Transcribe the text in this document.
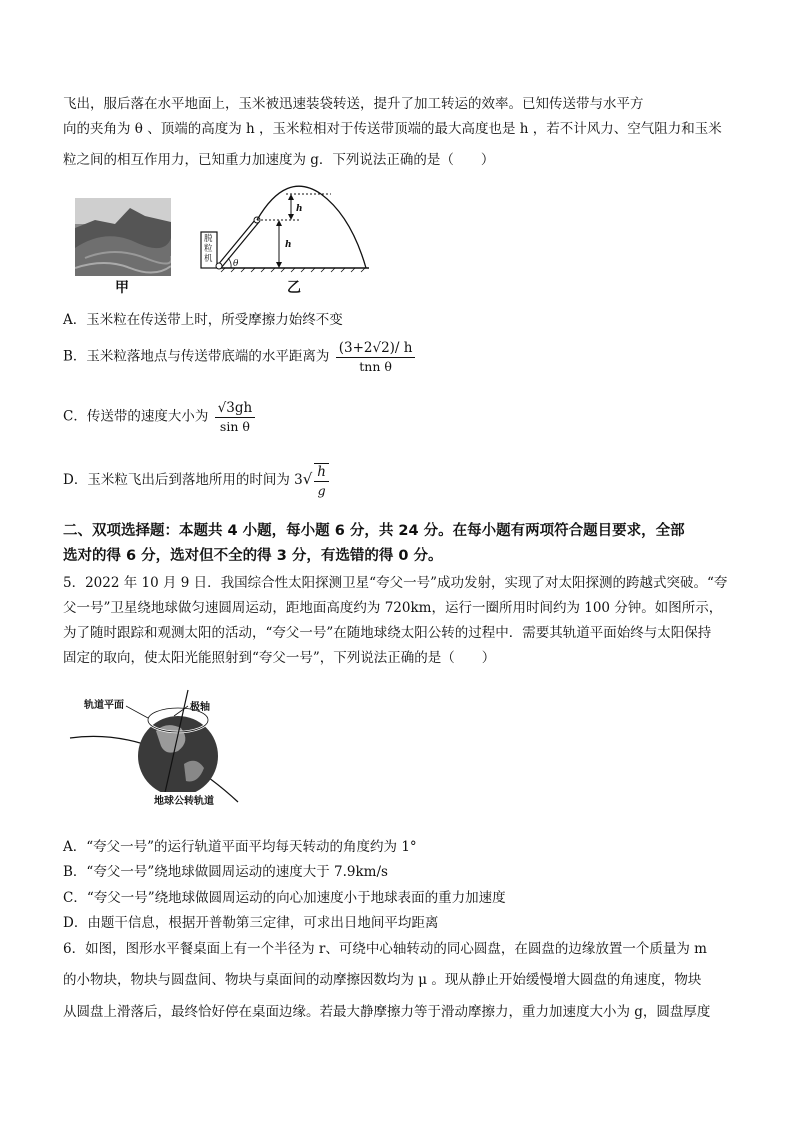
飞出，服后落在水平地面上，玉米被迅速装袋转送，提升了加工转运的效率。已知传送带与水平方
向的夹角为 θ 、顶端的高度为 h ，玉米粒相对于传送带顶端的最大高度也是 h ，若不计风力、空气阻力和玉米
粒之间的相互作用力，已知重力加速度为 g．下列说法正确的是（　　）
甲
脱粒机
h
h
θ
乙
A．玉米粒在传送带上时，所受摩擦力始终不变
B．玉米粒落地点与传送带底端的水平距离为 $\frac{(3+2√2)/ h}{\text{tnn θ}}$
C．传送带的速度大小为 $\frac{√3gh}{\text{sin θ}}$
D．玉米粒飞出后到落地所用的时间为 $3√ \frac{h}{g}$
二、双项选择题：本题共 4 小题，每小题 6 分，共 24 分。在每小题有两项符合题目要求，全部
选对的得 6 分，选对但不全的得 3 分，有选错的得 0 分。
5．2022 年 10 月 9 日．我国综合性太阳探测卫星“夸父一号”成功发射，实现了对太阳探测的跨越式突破。“夸
父一号”卫星绕地球做匀速圆周运动，距地面高度约为 720km，运行一圈所用时间约为 100 分钟。如图所示，
为了随时跟踪和观测太阳的活动，“夸父一号”在随地球绕太阳公转的过程中．需要其轨道平面始终与太阳保持
固定的取向，使太阳光能照射到“夸父一号”，下列说法正确的是（　　）
轨道平面	极轴
地球公转轨道
A．“夸父一号”的运行轨道平面平均每天转动的角度约为 1°
B．“夸父一号”绕地球做圆周运动的速度大于 7.9km/s
C．“夸父一号”绕地球做圆周运动的向心加速度小于地球表面的重力加速度
D．由题干信息，根据开普勒第三定律，可求出日地间平均距离
6．如图，图形水平餐桌面上有一个半径为 r、可绕中心轴转动的同心圆盘，在圆盘的边缘放置一个质量为 m
的小物块，物块与圆盘间、物块与桌面间的动摩擦因数均为 μ 。现从静止开始缓慢增大圆盘的角速度，物块
从圆盘上滑落后，最终恰好停在桌面边缘。若最大静摩擦力等于滑动摩擦力，重力加速度大小为 g，圆盘厚度
